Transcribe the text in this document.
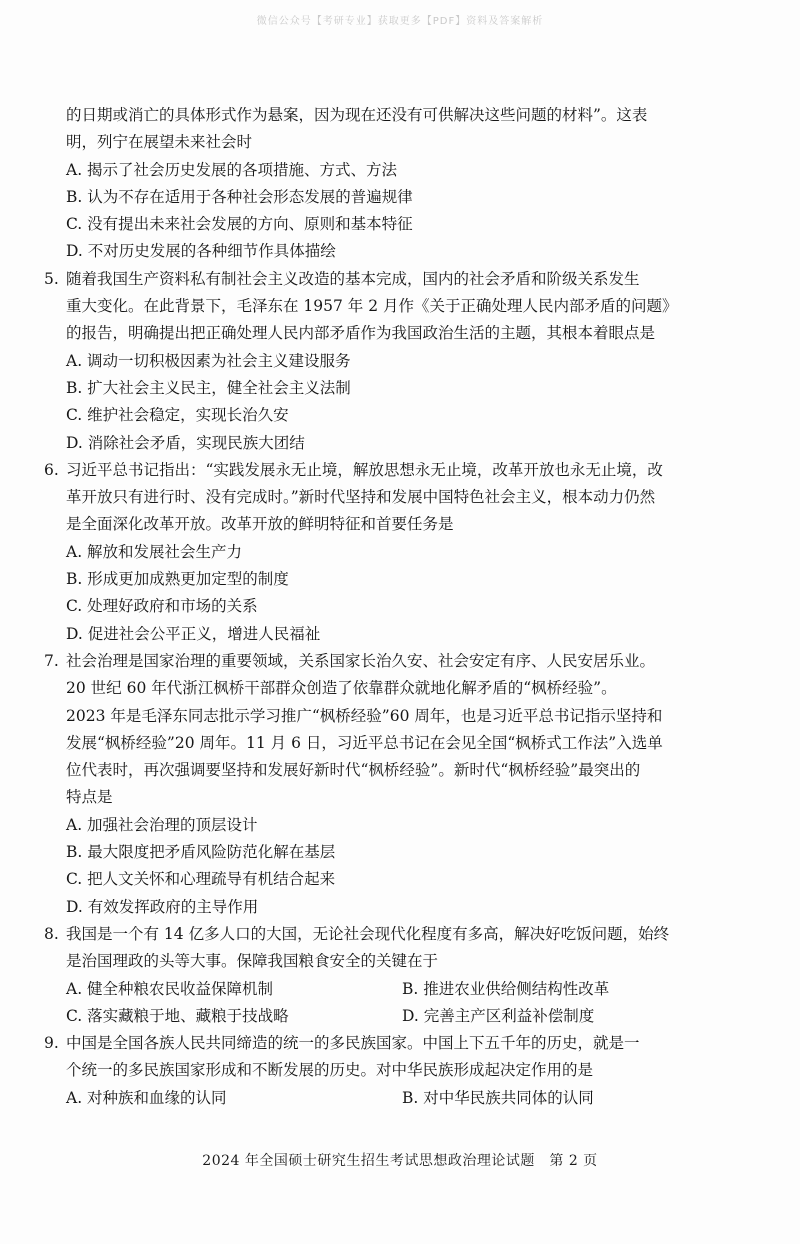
微信公众号【考研专业】获取更多【PDF】资料及答案解析
的日期或消亡的具体形式作为悬案，因为现在还没有可供解决这些问题的材料”。这表
明，列宁在展望未来社会时
A. 揭示了社会历史发展的各项措施、方式、方法
B. 认为不存在适用于各种社会形态发展的普遍规律
C. 没有提出未来社会发展的方向、原则和基本特征
D. 不对历史发展的各种细节作具体描绘
5. 随着我国生产资料私有制社会主义改造的基本完成，国内的社会矛盾和阶级关系发生
重大变化。在此背景下，毛泽东在 1957 年 2 月作《关于正确处理人民内部矛盾的问题》
的报告，明确提出把正确处理人民内部矛盾作为我国政治生活的主题，其根本着眼点是
A. 调动一切积极因素为社会主义建设服务
B. 扩大社会主义民主，健全社会主义法制
C. 维护社会稳定，实现长治久安
D. 消除社会矛盾，实现民族大团结
6. 习近平总书记指出：“实践发展永无止境，解放思想永无止境，改革开放也永无止境，改
革开放只有进行时、没有完成时。”新时代坚持和发展中国特色社会主义，根本动力仍然
是全面深化改革开放。改革开放的鲜明特征和首要任务是
A. 解放和发展社会生产力
B. 形成更加成熟更加定型的制度
C. 处理好政府和市场的关系
D. 促进社会公平正义，增进人民福祉
7. 社会治理是国家治理的重要领域，关系国家长治久安、社会安定有序、人民安居乐业。
20 世纪 60 年代浙江枫桥干部群众创造了依靠群众就地化解矛盾的“枫桥经验”。
2023 年是毛泽东同志批示学习推广“枫桥经验”60 周年，也是习近平总书记指示坚持和
发展“枫桥经验”20 周年。11 月 6 日，习近平总书记在会见全国“枫桥式工作法”入选单
位代表时，再次强调要坚持和发展好新时代“枫桥经验”。新时代“枫桥经验”最突出的
特点是
A. 加强社会治理的顶层设计
B. 最大限度把矛盾风险防范化解在基层
C. 把人文关怀和心理疏导有机结合起来
D. 有效发挥政府的主导作用
8. 我国是一个有 14 亿多人口的大国，无论社会现代化程度有多高，解决好吃饭问题，始终
是治国理政的头等大事。保障我国粮食安全的关键在于
A. 健全种粮农民收益保障机制	B. 推进农业供给侧结构性改革
C. 落实藏粮于地、藏粮于技战略	D. 完善主产区利益补偿制度
9. 中国是全国各族人民共同缔造的统一的多民族国家。中国上下五千年的历史，就是一
个统一的多民族国家形成和不断发展的历史。对中华民族形成起决定作用的是
A. 对种族和血缘的认同	B. 对中华民族共同体的认同
2024 年全国硕士研究生招生考试思想政治理论试题　第 2 页
